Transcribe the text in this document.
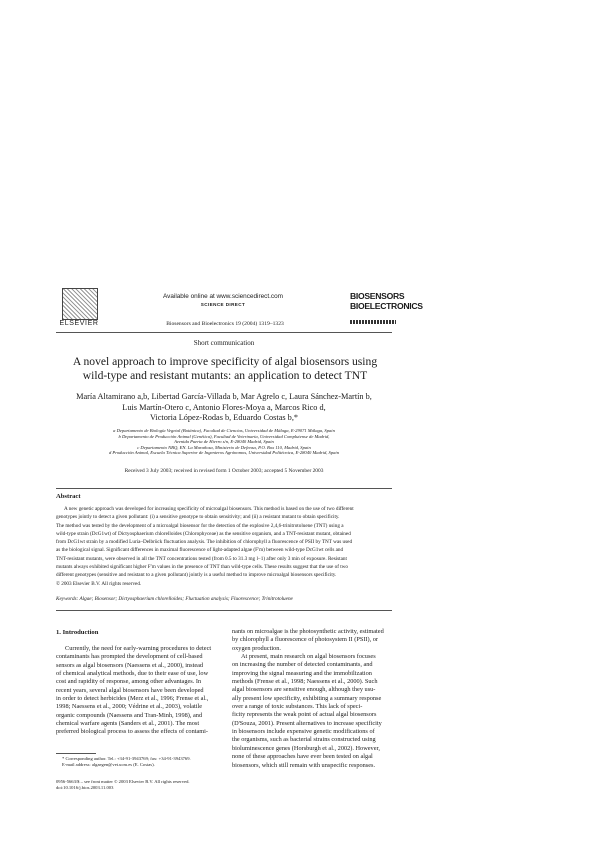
ELSEVIER
Available online at www.sciencedirect.com
SCIENCE DIRECT
Biosensors and Bioelectronics 19 (2004) 1319–1323
BIOSENSORS
BIOELECTRONICS
Short communication
A novel approach to improve specificity of algal biosensors using
wild-type and resistant mutants: an application to detect TNT
María Altamirano a,b, Libertad García-Villada b, Mar Agrelo c, Laura Sánchez-Martín b,
Luis Martín-Otero c, Antonio Flores-Moya a, Marcos Rico d,
Victoria López-Rodas b, Eduardo Costas b,*
a Departamento de Biología Vegetal (Botánica), Facultad de Ciencias, Universidad de Málaga, E-29071 Málaga, Spain
b Departamento de Producción Animal (Genética), Facultad de Veterinaria, Universidad Complutense de Madrid,
Avenida Puerta de Hierro s/n, E-28040 Madrid, Spain
c Departamento NBQ, EN. La Marañosa, Ministerio de Defensa, P.O. Box 110, Madrid, Spain
d Producción Animal, Escuela Técnica Superior de Ingenieros Agrónomos, Universidad Politécnica, E-28040 Madrid, Spain
Received 3 July 2003; received in revised form 1 October 2003; accepted 5 November 2003
Abstract
A new genetic approach was developed for increasing specificity of microalgal biosensors. This method is based on the use of two different
genotypes jointly to detect a given pollutant: (i) a sensitive genotype to obtain sensitivity; and (ii) a resistant mutant to obtain specificity.
The method was tested by the development of a microalgal biosensor for the detection of the explosive 2,4,6-trinitrotoluene (TNT) using a
wild-type strain (DcG1wt) of Dictyosphaerium chlorelloides (Chlorophyceae) as the sensitive organism, and a TNT-resistant mutant, obtained
from DcG1wt strain by a modified Luria–Delbrück fluctuation analysis. The inhibition of chlorophyll a fluorescence of PSII by TNT was used
as the biological signal. Significant differences in maximal fluorescence of light-adapted algae (F′m) between wild-type DcG1wt cells and
TNT-resistant mutants, were observed in all the TNT concentrations tested (from 0.5 to 31.3 mg l−1) after only 3 min of exposure. Resistant
mutants always exhibited significant higher F′m values in the presence of TNT than wild-type cells. These results suggest that the use of two
different genotypes (sensitive and resistant to a given pollutant) jointly is a useful method to improve microalgal biosensors specificity.
© 2003 Elsevier B.V. All rights reserved.
Keywords: Algae; Biosensor; Dictyosphaerium chlorelloides; Fluctuation analysis; Fluorescence; Trinitrotoluene
1. Introduction
Currently, the need for early-warning procedures to detect
contaminants has prompted the development of cell-based
sensors as algal biosensors (Naessens et al., 2000), instead
of chemical analytical methods, due to their ease of use, low
cost and rapidity of response, among other advantages. In
recent years, several algal biosensors have been developed
in order to detect herbicides (Merz et al., 1996; Frense et al.,
1998; Naessens et al., 2000; Védrine et al., 2003), volatile
organic compounds (Naessens and Tran-Minh, 1998), and
chemical warfare agents (Sanders et al., 2001). The most
preferred biological process to assess the effects of contami-
nants on microalgae is the photosynthetic activity, estimated
by chlorophyll a fluorescence of photosystem II (PSII), or
oxygen production.
At present, main research on algal biosensors focuses
on increasing the number of detected contaminants, and
improving the signal measuring and the immobilization
methods (Frense et al., 1998; Naessens et al., 2000). Such
algal biosensors are sensitive enough, although they usu-
ally present low specificity, exhibiting a summary response
over a range of toxic substances. This lack of speci-
ficity represents the weak point of actual algal biosensors
(D'Souza, 2001). Present alternatives to increase specificity
in biosensors include expensive genetic modifications of
the organisms, such as bacterial strains constructed using
bioluminescence genes (Horsburgh et al., 2002). However,
none of these approaches have ever been tested on algal
biosensors, which still remain with unspecific responses.
* Corresponding author. Tel.: +34-91-3943769; fax: +34-91-3943769.
E-mail address: algaegen@vet.ucm.es (E. Costas).
0956-5663/$ – see front matter © 2003 Elsevier B.V. All rights reserved.
doi:10.1016/j.bios.2003.11.003
